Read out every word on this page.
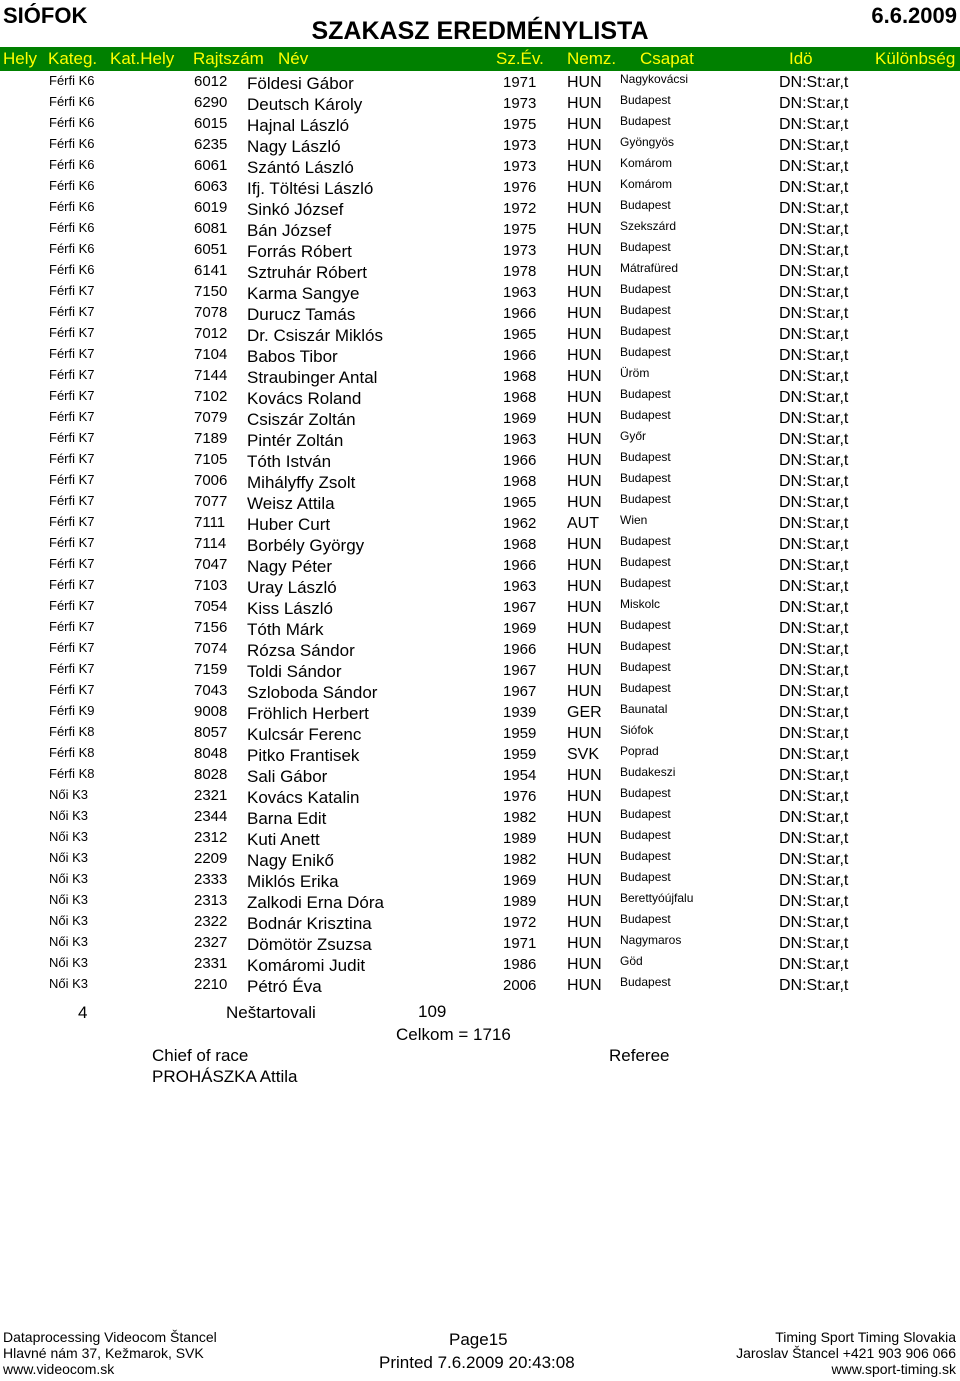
SIÓFOK
SZAKASZ EREDMÉNYLISTA
6.6.2009
Hely Kateg. Kat.Hely Rajtszám Név	Sz.Év. Nemz. Csapat	Idö	Különbség
Férfi K6	6012 Földesi Gábor	1971 HUN Nagykovácsi	DN:St:ar,t
Férfi K6	6290 Deutsch Károly	1973 HUN Budapest	DN:St:ar,t
Férfi K6	6015 Hajnal László	1975 HUN Budapest	DN:St:ar,t
Férfi K6	6235 Nagy László	1973 HUN Gyöngyös	DN:St:ar,t
Férfi K6	6061 Szántó László	1973 HUN Komárom	DN:St:ar,t
Férfi K6	6063 Ifj. Töltési László	1976 HUN Komárom	DN:St:ar,t
Férfi K6	6019 Sinkó József	1972 HUN Budapest	DN:St:ar,t
Férfi K6	6081 Bán József	1975 HUN Szekszárd	DN:St:ar,t
Férfi K6	6051 Forrás Róbert	1973 HUN Budapest	DN:St:ar,t
Férfi K6	6141 Sztruhár Róbert	1978 HUN Mátrafüred	DN:St:ar,t
Férfi K7	7150 Karma Sangye	1963 HUN Budapest	DN:St:ar,t
Férfi K7	7078 Durucz Tamás	1966 HUN Budapest	DN:St:ar,t
Férfi K7	7012 Dr. Csiszár Miklós	1965 HUN Budapest	DN:St:ar,t
Férfi K7	7104 Babos Tibor	1966 HUN Budapest	DN:St:ar,t
Férfi K7	7144 Straubinger Antal	1968 HUN Üröm	DN:St:ar,t
Férfi K7	7102 Kovács Roland	1968 HUN Budapest	DN:St:ar,t
Férfi K7	7079 Csiszár Zoltán	1969 HUN Budapest	DN:St:ar,t
Férfi K7	7189 Pintér Zoltán	1963 HUN Győr	DN:St:ar,t
Férfi K7	7105 Tóth István	1966 HUN Budapest	DN:St:ar,t
Férfi K7	7006 Mihályffy Zsolt	1968 HUN Budapest	DN:St:ar,t
Férfi K7	7077 Weisz Attila	1965 HUN Budapest	DN:St:ar,t
Férfi K7	7111 Huber Curt	1962 AUT Wien	DN:St:ar,t
Férfi K7	7114 Borbély György	1968 HUN Budapest	DN:St:ar,t
Férfi K7	7047 Nagy Péter	1966 HUN Budapest	DN:St:ar,t
Férfi K7	7103 Uray László	1963 HUN Budapest	DN:St:ar,t
Férfi K7	7054 Kiss László	1967 HUN Miskolc	DN:St:ar,t
Férfi K7	7156 Tóth Márk	1969 HUN Budapest	DN:St:ar,t
Férfi K7	7074 Rózsa Sándor	1966 HUN Budapest	DN:St:ar,t
Férfi K7	7159 Toldi Sándor	1967 HUN Budapest	DN:St:ar,t
Férfi K7	7043 Szloboda Sándor	1967 HUN Budapest	DN:St:ar,t
Férfi K9	9008 Fröhlich Herbert	1939 GER Baunatal	DN:St:ar,t
Férfi K8	8057 Kulcsár Ferenc	1959 HUN Siófok	DN:St:ar,t
Férfi K8	8048 Pitko Frantisek	1959 SVK Poprad	DN:St:ar,t
Férfi K8	8028 Sali Gábor	1954 HUN Budakeszi	DN:St:ar,t
Női K3	2321 Kovács Katalin	1976 HUN Budapest	DN:St:ar,t
Női K3	2344 Barna Edit	1982 HUN Budapest	DN:St:ar,t
Női K3	2312 Kuti Anett	1989 HUN Budapest	DN:St:ar,t
Női K3	2209 Nagy Enikő	1982 HUN Budapest	DN:St:ar,t
Női K3	2333 Miklós Erika	1969 HUN Budapest	DN:St:ar,t
Női K3	2313 Zalkodi Erna Dóra	1989 HUN Berettyóújfalu	DN:St:ar,t
Női K3	2322 Bodnár Krisztina	1972 HUN Budapest	DN:St:ar,t
Női K3	2327 Dömötör Zsuzsa	1971 HUN Nagymaros	DN:St:ar,t
Női K3	2331 Komáromi Judit	1986 HUN Göd	DN:St:ar,t
Női K3	2210 Pétró Éva	2006 HUN Budapest	DN:St:ar,t
4	Neštartovali	109
Celkom = 1716
Chief of race
PROHÁSZKA Attila
Referee
Dataprocessing Videocom Štancel
Hlavné nám 37, Kežmarok, SVK
www.videocom.sk
Page15
Printed 7.6.2009 20:43:08
Timing Sport Timing Slovakia
Jaroslav Štancel +421 903 906 066
www.sport-timing.sk
